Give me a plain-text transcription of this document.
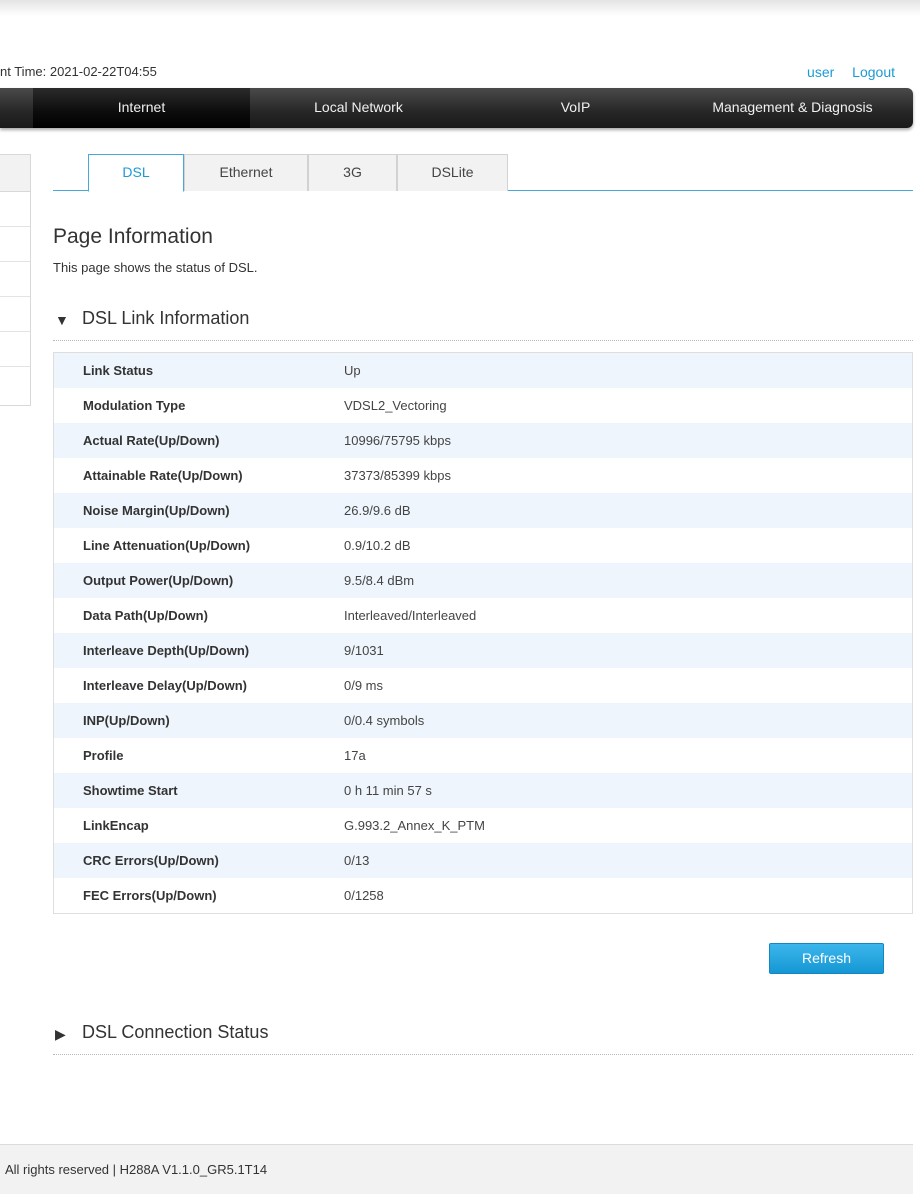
nt Time: 2021-02-22T04:55	user Logout
Internet	Local Network	VoIP	Management & Diagnosis
DSL	Ethernet	3G	DSLite
Page Information
This page shows the status of DSL.
▼ DSL Link Information
Link Status	Up
Modulation Type	VDSL2_Vectoring
Actual Rate(Up/Down)	10996/75795 kbps
Attainable Rate(Up/Down)	37373/85399 kbps
Noise Margin(Up/Down)	26.9/9.6 dB
Line Attenuation(Up/Down)	0.9/10.2 dB
Output Power(Up/Down)	9.5/8.4 dBm
Data Path(Up/Down)	Interleaved/Interleaved
Interleave Depth(Up/Down)	9/1031
Interleave Delay(Up/Down)	0/9 ms
INP(Up/Down)	0/0.4 symbols
Profile	17a
Showtime Start	0 h 11 min 57 s
LinkEncap	G.993.2_Annex_K_PTM
CRC Errors(Up/Down)	0/13
FEC Errors(Up/Down)	0/1258
Refresh
▶ DSL Connection Status
All rights reserved | H288A V1.1.0_GR5.1T14
